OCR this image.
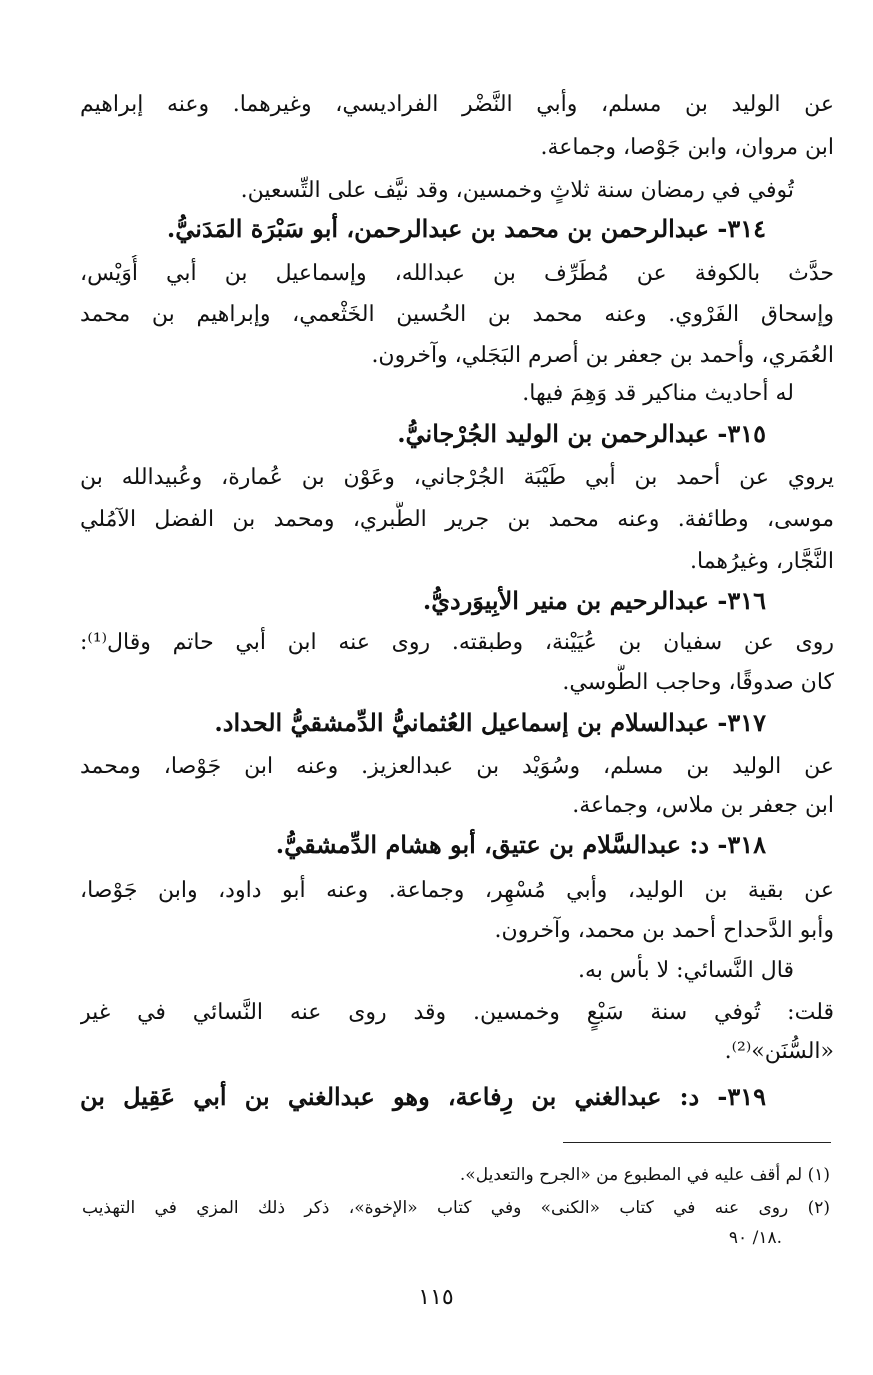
عن الوليد بن مسلم، وأبي النَّضْر الفراديسي، وغيرهما. وعنه إبراهيم
ابن مروان، وابن جَوْصا، وجماعة.
تُوفي في رمضان سنة ثلاثٍ وخمسين، وقد نيَّف على التِّسعين.
٣١٤- عبدالرحمن بن محمد بن عبدالرحمن، أبو سَبْرَة المَدَنيُّ.
حدَّث بالكوفة عن مُطَرِّف بن عبدالله، وإسماعيل بن أبي أُوَيْس،
وإسحاق الفَرْوي. وعنه محمد بن الحُسين الخَثْعمي، وإبراهيم بن محمد
العُمَري، وأحمد بن جعفر بن أصرم البَجَلي، وآخرون.
له أحاديث مناكير قد وَهِمَ فيها.
٣١٥- عبدالرحمن بن الوليد الجُرْجانيُّ.
يروي عن أحمد بن أبي طَيْبَة الجُرْجاني، وعَوْن بن عُمارة، وعُبيدالله بن
موسى، وطائفة. وعنه محمد بن جرير الطَّبري، ومحمد بن الفضل الآمُلي
النَّجَّار، وغيرُهما.
٣١٦- عبدالرحيم بن منير الأبِيوَرديُّ.
روى عن سفيان بن عُيَيْنة، وطبقته. روى عنه ابن أبي حاتم وقال⁽¹⁾:
كان صدوقًا، وحاجب الطُّوسي.
٣١٧- عبدالسلام بن إسماعيل العُثمانيُّ الدِّمشقيُّ الحداد.
عن الوليد بن مسلم، وسُوَيْد بن عبدالعزيز. وعنه ابن جَوْصا، ومحمد
ابن جعفر بن ملاس، وجماعة.
٣١٨- د: عبدالسَّلام بن عتيق، أبو هشام الدِّمشقيُّ.
عن بقية بن الوليد، وأبي مُسْهِر، وجماعة. وعنه أبو داود، وابن جَوْصا،
وأبو الدَّحداح أحمد بن محمد، وآخرون.
قال النَّسائي: لا بأس به.
قلت: تُوفي سنة سَبْعٍ وخمسين. وقد روى عنه النَّسائي في غير
«السُّنَن»⁽²⁾.
٣١٩- د: عبدالغني بن رِفاعة، وهو عبدالغني بن أبي عَقِيل بن
(١) لم أقف عليه في المطبوع من «الجرح والتعديل».
(٢) روى عنه في كتاب «الكنى» وفي كتاب «الإخوة»، ذكر ذلك المزي في التهذيب
١٨/ ٩٠.
١١٥
